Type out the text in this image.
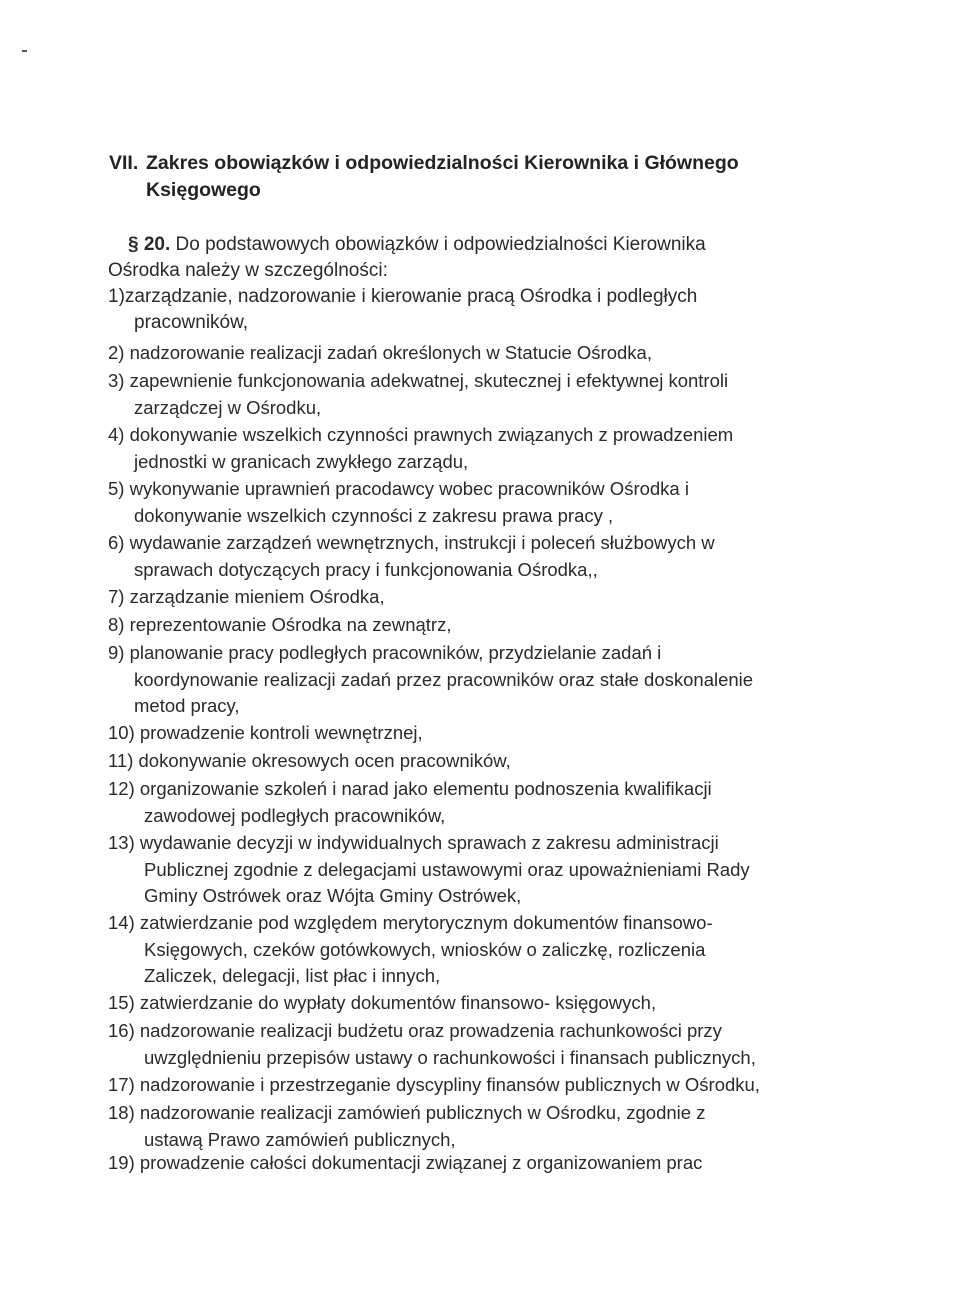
VII. Zakres obowiązków i odpowiedzialności Kierownika i Głównego
Księgowego
§ 20. Do podstawowych obowiązków i odpowiedzialności Kierownika
Ośrodka należy w szczególności:
1)zarządzanie, nadzorowanie i kierowanie pracą Ośrodka i podległych
pracowników,
2) nadzorowanie realizacji zadań określonych w Statucie Ośrodka,
3) zapewnienie funkcjonowania adekwatnej, skutecznej i efektywnej kontroli
zarządczej w Ośrodku,
4) dokonywanie wszelkich czynności prawnych związanych z prowadzeniem
jednostki w granicach zwykłego zarządu,
5) wykonywanie uprawnień pracodawcy wobec pracowników Ośrodka i
dokonywanie wszelkich czynności z zakresu prawa pracy ,
6) wydawanie zarządzeń wewnętrznych, instrukcji i poleceń służbowych w
sprawach dotyczących pracy i funkcjonowania Ośrodka,,
7) zarządzanie mieniem Ośrodka,
8) reprezentowanie Ośrodka na zewnątrz,
9) planowanie pracy podległych pracowników, przydzielanie zadań i
koordynowanie realizacji zadań przez pracowników oraz stałe doskonalenie
metod pracy,
10) prowadzenie kontroli wewnętrznej,
11) dokonywanie okresowych ocen pracowników,
12) organizowanie szkoleń i narad jako elementu podnoszenia kwalifikacji
zawodowej podległych pracowników,
13) wydawanie decyzji w indywidualnych sprawach z zakresu administracji
Publicznej zgodnie z delegacjami ustawowymi oraz upoważnieniami Rady
Gminy Ostrówek oraz Wójta Gminy Ostrówek,
14) zatwierdzanie pod względem merytorycznym dokumentów finansowo-
Księgowych, czeków gotówkowych, wniosków o zaliczkę, rozliczenia
Zaliczek, delegacji, list płac i innych,
15) zatwierdzanie do wypłaty dokumentów finansowo- księgowych,
16) nadzorowanie realizacji budżetu oraz prowadzenia rachunkowości przy
uwzględnieniu przepisów ustawy o rachunkowości i finansach publicznych,
17) nadzorowanie i przestrzeganie dyscypliny finansów publicznych w Ośrodku,
18) nadzorowanie realizacji zamówień publicznych w Ośrodku, zgodnie z
ustawą Prawo zamówień publicznych,
19) prowadzenie całości dokumentacji związanej z organizowaniem prac
